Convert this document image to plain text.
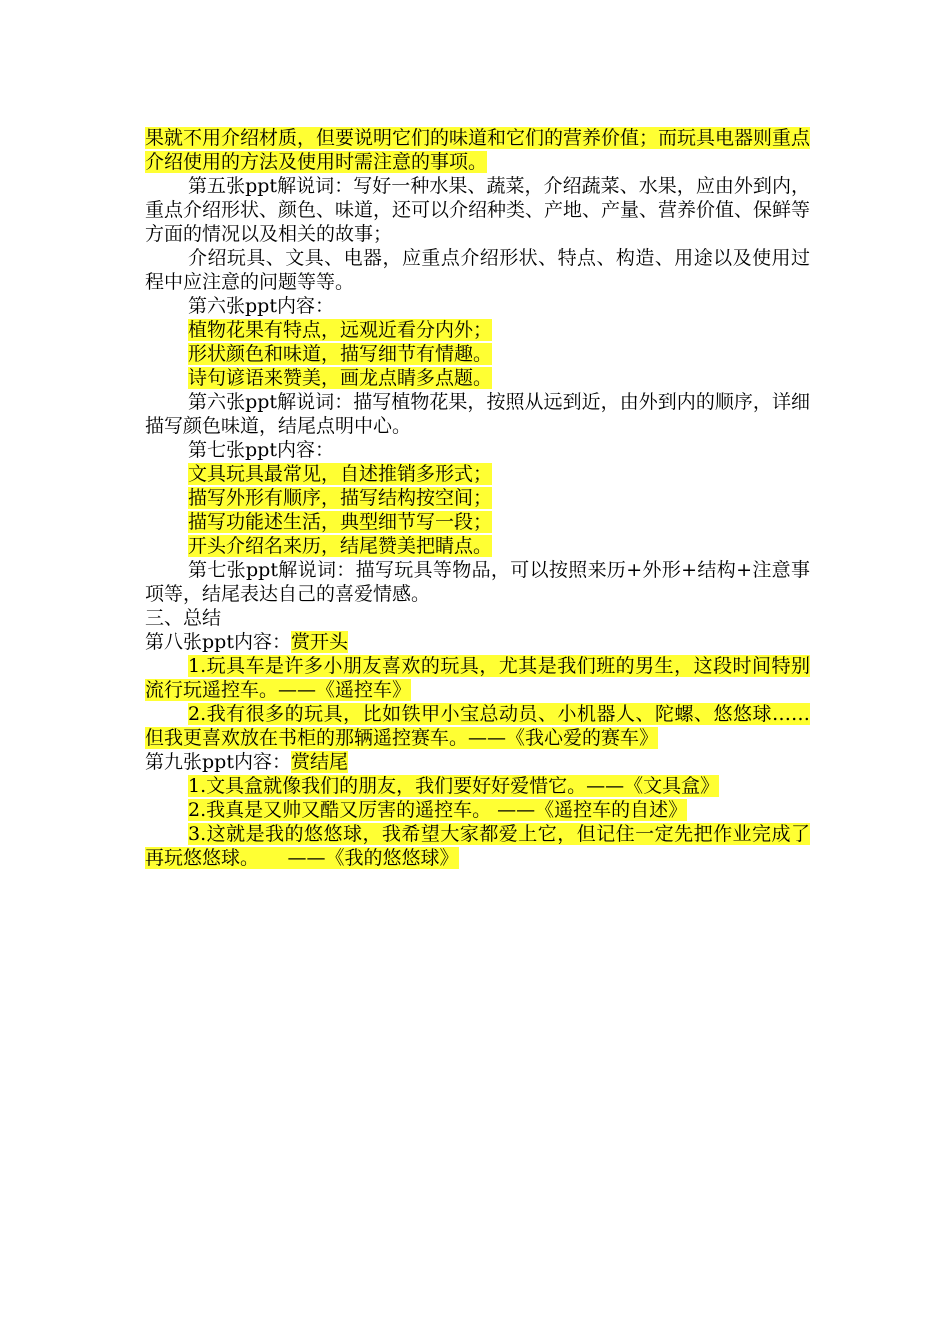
果就不用介绍材质，但要说明它们的味道和它们的营养价值；而玩具电器则重点介绍使用的方法及使用时需注意的事项。

第五张ppt解说词：写好一种水果、蔬菜，介绍蔬菜、水果，应由外到内，重点介绍形状、颜色、味道，还可以介绍种类、产地、产量、营养价值、保鲜等方面的情况以及相关的故事；

介绍玩具、文具、电器，应重点介绍形状、特点、构造、用途以及使用过程中应注意的问题等等。

第六张ppt内容：

植物花果有特点，远观近看分内外；

形状颜色和味道，描写细节有情趣。

诗句谚语来赞美，画龙点睛多点题。

第六张ppt解说词：描写植物花果，按照从远到近，由外到内的顺序，详细描写颜色味道，结尾点明中心。

第七张ppt内容：

文具玩具最常见，自述推销多形式；

描写外形有顺序，描写结构按空间；

描写功能述生活，典型细节写一段；

开头介绍名来历，结尾赞美把睛点。

第七张ppt解说词：描写玩具等物品，可以按照来历+外形+结构+注意事项等，结尾表达自己的喜爱情感。

三、总结

第八张ppt内容：赏开头

1.玩具车是许多小朋友喜欢的玩具，尤其是我们班的男生，这段时间特别流行玩遥控车。——《遥控车》

2.我有很多的玩具，比如铁甲小宝总动员、小机器人、陀螺、悠悠球……但我更喜欢放在书柜的那辆遥控赛车。——《我心爱的赛车》

第九张ppt内容：赏结尾

1.文具盒就像我们的朋友，我们要好好爱惜它。——《文具盒》

2.我真是又帅又酷又厉害的遥控车。 ——《遥控车的自述》

3.这就是我的悠悠球，我希望大家都爱上它，但记住一定先把作业完成了再玩悠悠球。　　——《我的悠悠球》
